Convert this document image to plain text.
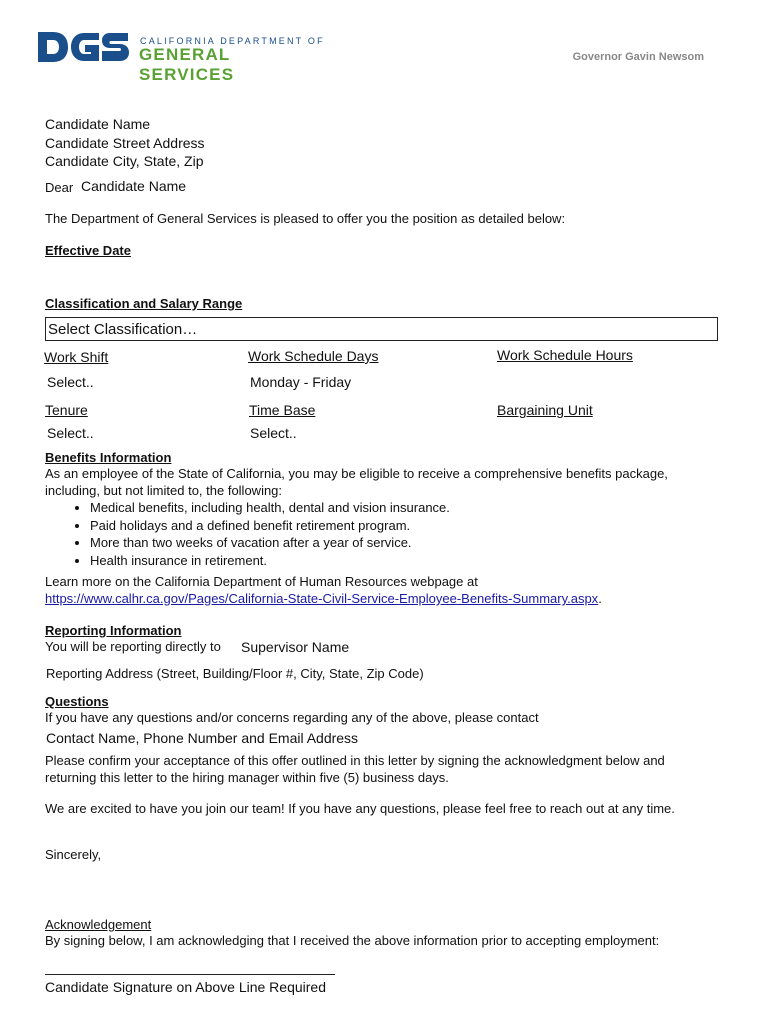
CALIFORNIA DEPARTMENT OF
GENERAL SERVICES
Governor Gavin Newsom
Candidate Name
Candidate Street Address
Candidate City, State, Zip
Dear Candidate Name
The Department of General Services is pleased to offer you the position as detailed below:
Effective Date
Classification and Salary Range
Select Classification…
Work Shift
Select..
Work Schedule Days
Monday - Friday
Work Schedule Hours
Tenure
Select..
Time Base
Select..
Bargaining Unit
Benefits Information
As an employee of the State of California, you may be eligible to receive a comprehensive benefits package,
including, but not limited to, the following:
• Medical benefits, including health, dental and vision insurance.
• Paid holidays and a defined benefit retirement program.
• More than two weeks of vacation after a year of service.
• Health insurance in retirement.
Learn more on the California Department of Human Resources webpage at
https://www.calhr.ca.gov/Pages/California-State-Civil-Service-Employee-Benefits-Summary.aspx.
Reporting Information
You will be reporting directly to Supervisor Name
Reporting Address (Street, Building/Floor #, City, State, Zip Code)
Questions
If you have any questions and/or concerns regarding any of the above, please contact
Contact Name, Phone Number and Email Address
Please confirm your acceptance of this offer outlined in this letter by signing the acknowledgment below and
returning this letter to the hiring manager within five (5) business days.
We are excited to have you join our team! If you have any questions, please feel free to reach out at any time.
Sincerely,
Acknowledgement
By signing below, I am acknowledging that I received the above information prior to accepting employment:
Candidate Signature on Above Line Required
